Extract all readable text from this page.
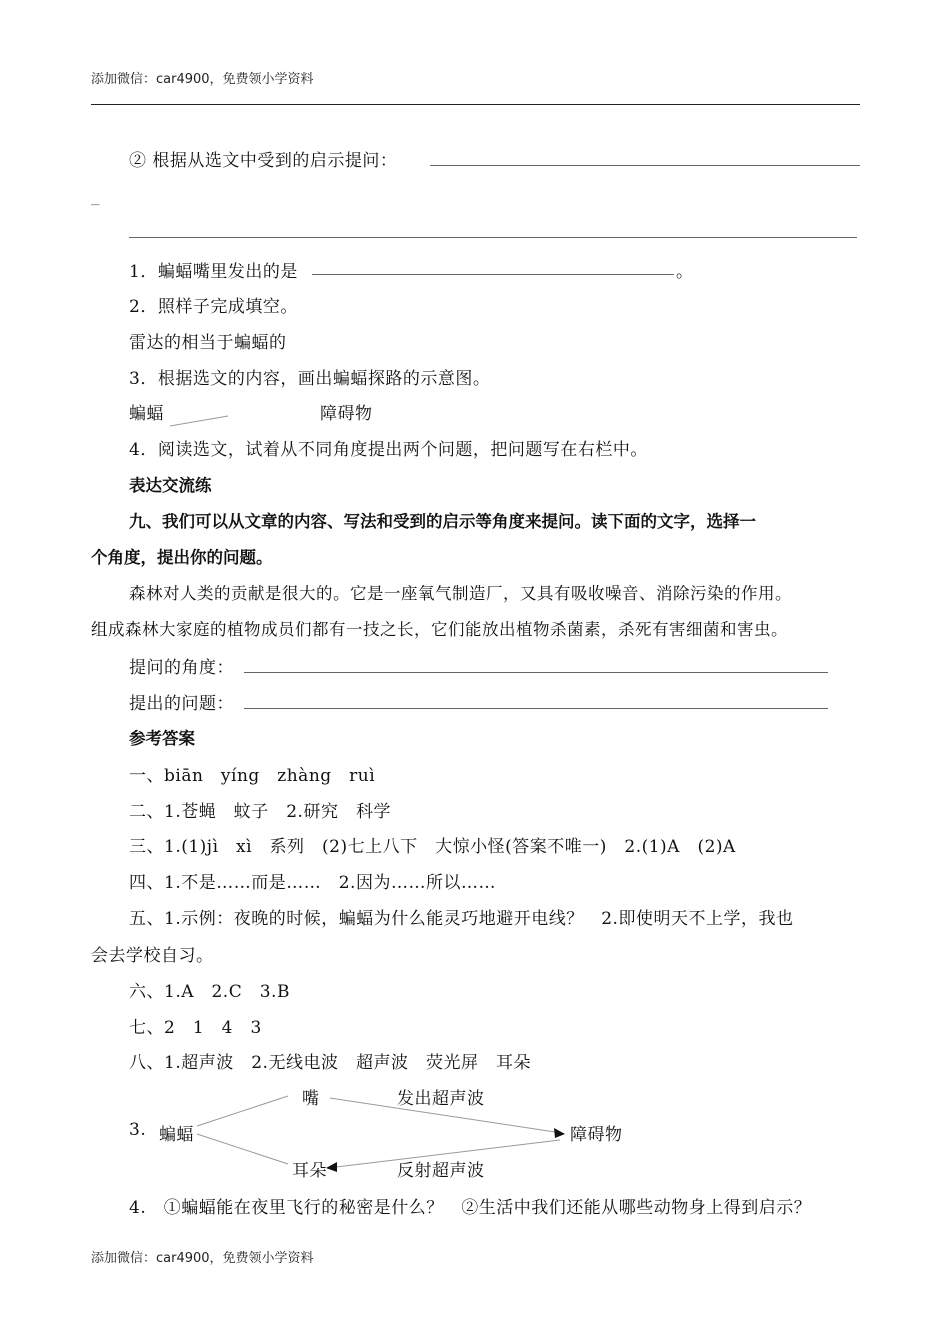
添加微信：car4900，免费领小学资料
② 根据从选文中受到的启示提问：
_
1．蝙蝠嘴里发出的是	。
2．照样子完成填空。
雷达的相当于蝙蝠的
3．根据选文的内容，画出蝙蝠探路的示意图。
蝙蝠	障碍物
4．阅读选文，试着从不同角度提出两个问题，把问题写在右栏中。
表达交流练
九、我们可以从文章的内容、写法和受到的启示等角度来提问。读下面的文字，选择一
个角度，提出你的问题。
森林对人类的贡献是很大的。它是一座氧气制造厂，又具有吸收噪音、消除污染的作用。
组成森林大家庭的植物成员们都有一技之长，它们能放出植物杀菌素，杀死有害细菌和害虫。
提问的角度：
提出的问题：
参考答案
一、biān　yíng　zhàng　ruì
二、1.苍蝇　蚊子　2.研究　科学
三、1.(1)jì　xì　系列　(2)七上八下　大惊小怪(答案不唯一)　2.(1)A　(2)A
四、1.不是……而是……　2.因为……所以……
五、1.示例：夜晚的时候，蝙蝠为什么能灵巧地避开电线？　2.即使明天不上学，我也
会去学校自习。
六、1.A　2.C　3.B
七、2　1　4　3
八、1.超声波　2.无线电波　超声波　荧光屏　耳朵
嘴	发出超声波
3. 蝙蝠	障碍物
耳朵	反射超声波
4.　①蝙蝠能在夜里飞行的秘密是什么？　②生活中我们还能从哪些动物身上得到启示？
添加微信：car4900，免费领小学资料
